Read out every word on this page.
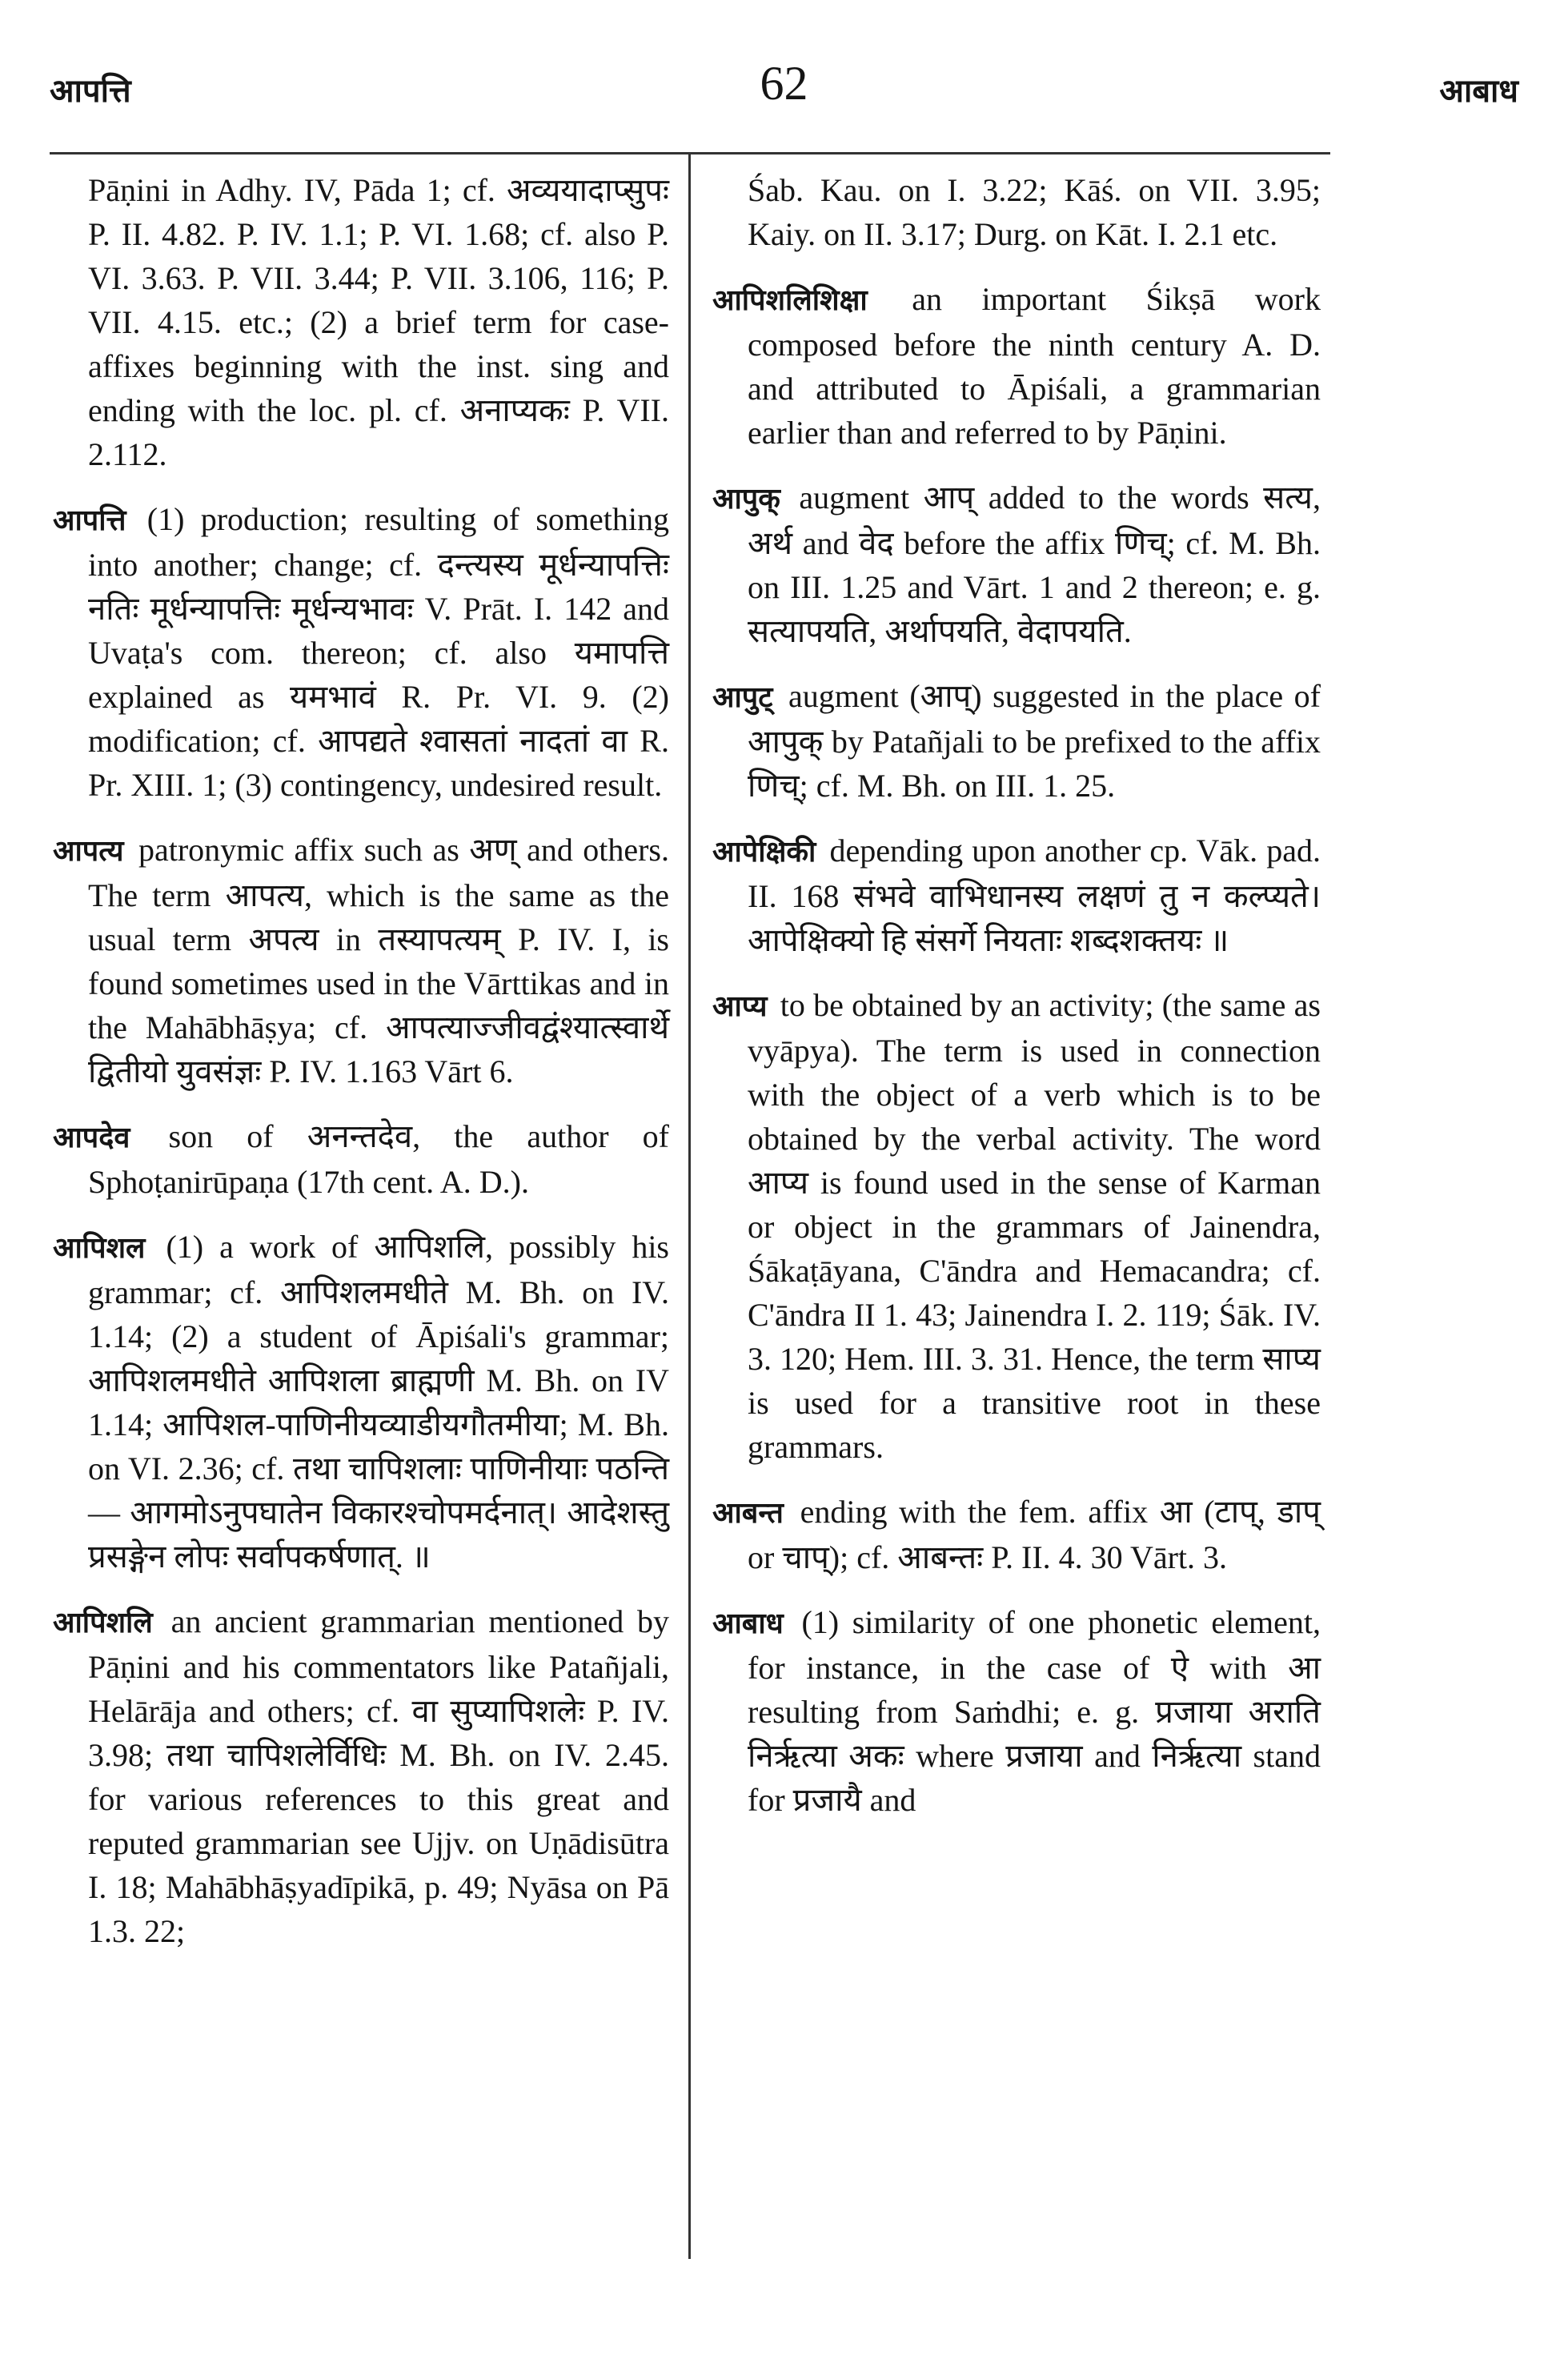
आपत्ति	62	आबाध

Pāṇini in Adhy. IV, Pāda 1; cf. अव्ययादाप्सुपः P. II. 4.82. P. IV. 1.1; P. VI. 1.68; cf. also P. VI. 3.63. P. VII. 3.44; P. VII. 3.106, 116; P. VII. 4.15. etc.; (2) a brief term for case-affixes beginning with the inst. sing and ending with the loc. pl. cf. अनाप्यकः P. VII. 2.112.

आपत्ति (1) production; resulting of something into another; change; cf. दन्त्यस्य मूर्धन्यापत्तिः नतिः मूर्धन्यापत्तिः मूर्धन्यभावः V. Prāt. I. 142 and Uvaṭa's com. thereon; cf. also यमापत्ति explained as यमभावं R. Pr. VI. 9. (2) modification; cf. आपद्यते श्वासतां नादतां वा R. Pr. XIII. 1; (3) contingency, undesired result.

आपत्य patronymic affix such as अण् and others. The term आपत्य, which is the same as the usual term अपत्य in तस्यापत्यम् P. IV. I, is found sometimes used in the Vārttikas and in the Mahābhāṣya; cf. आपत्याज्जीवद्वंश्यात्स्वार्थे द्वितीयो युवसंज्ञः P. IV. 1.163 Vārt 6.

आपदेव son of अनन्तदेव, the author of Sphoṭanirūpaṇa (17th cent. A. D.).

आपिशल (1) a work of आपिशलि, possibly his grammar; cf. आपिशलमधीते M. Bh. on IV. 1.14; (2) a student of Āpiśali's grammar; आपिशलमधीते आपिशला ब्राह्मणी M. Bh. on IV 1.14; आपिशल-पाणिनीयव्याडीयगौतमीया; M. Bh. on VI. 2.36; cf. तथा चापिशलाः पाणिनीयाः पठन्ति— आगमोऽनुपघातेन विकारश्चोपमर्दनात्। आदेशस्तु प्रसङ्गेन लोपः सर्वापकर्षणात्. ॥

आपिशलि an ancient grammarian mentioned by Pāṇini and his commentators like Patañjali, Helārāja and others; cf. वा सुप्यापिशलेः P. IV. 3.98; तथा चापिशलेर्विधिः M. Bh. on IV. 2.45. for various references to this great and reputed grammarian see Ujjv. on Uṇādisūtra I. 18; Mahābhāṣyadīpikā, p. 49; Nyāsa on Pā 1.3. 22;

Śab. Kau. on I. 3.22; Kāś. on VII. 3.95; Kaiy. on II. 3.17; Durg. on Kāt. I. 2.1 etc.

आपिशलिशिक्षा an important Śikṣā work composed before the ninth century A. D. and attributed to Āpiśali, a grammarian earlier than and referred to by Pāṇini.

आपुक् augment आप् added to the words सत्य, अर्थ and वेद before the affix णिच्; cf. M. Bh. on III. 1.25 and Vārt. 1 and 2 thereon; e. g. सत्यापयति, अर्थापयति, वेदापयति.

आपुट् augment (आप्) suggested in the place of आपुक् by Patañjali to be prefixed to the affix णिच्; cf. M. Bh. on III. 1. 25.

आपेक्षिकी depending upon another cp. Vāk. pad. II. 168 संभवे वाभिधानस्य लक्षणं तु न कल्प्यते। आपेक्षिक्यो हि संसर्गे नियताः शब्दशक्तयः ॥

आप्य to be obtained by an activity; (the same as vyāpya). The term is used in connection with the object of a verb which is to be obtained by the verbal activity. The word आप्य is found used in the sense of Karman or object in the grammars of Jainendra, Śākaṭāyana, C'āndra and Hemacandra; cf. C'āndra II 1. 43; Jainendra I. 2. 119; Śāk. IV. 3. 120; Hem. III. 3. 31. Hence, the term साप्य is used for a transitive root in these grammars.

आबन्त ending with the fem. affix आ (टाप्, डाप् or चाप्); cf. आबन्तः P. II. 4. 30 Vārt. 3.

आबाध (1) similarity of one phonetic element, for instance, in the case of ऐ with आ resulting from Saṁdhi; e. g. प्रजाया अराति निर्ऋत्या अकः where प्रजाया and निर्ऋत्या stand for प्रजायै and
